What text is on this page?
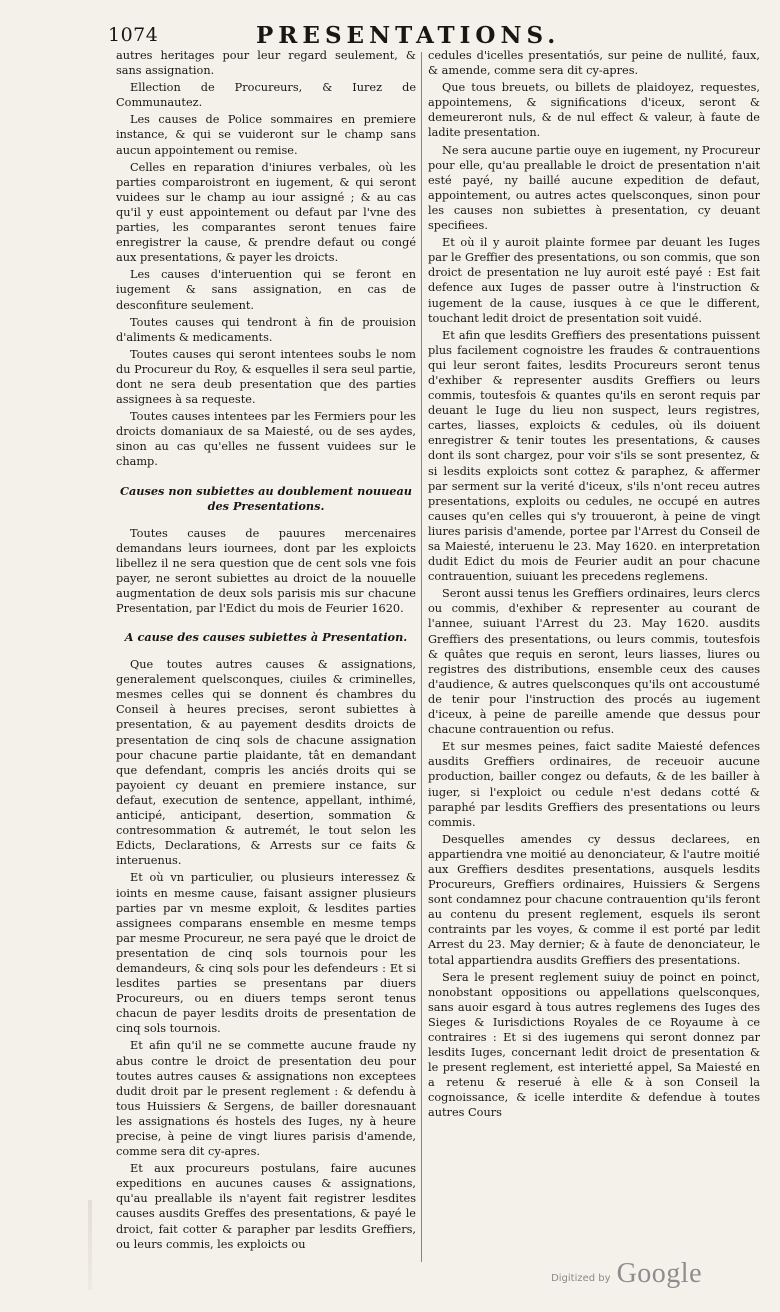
1074	PRESENTATIONS.

autres heritages pour leur regard seulement, & sans assignation.

Ellection de Procureurs, & Iurez de Communautez.

Les causes de Police sommaires en premiere instance, & qui se vuideront sur le champ sans aucun appointement ou remise.

Celles en reparation d'iniures verbales, où les parties comparoistront en iugement, & qui seront vuidees sur le champ au iour assigné ; & au cas qu'il y eust appointement ou defaut par l'vne des parties, les comparantes seront tenues faire enregistrer la cause, & prendre defaut ou congé aux presentations, & payer les droicts.

Les causes d'interuention qui se feront en iugement & sans assignation, en cas de desconfiture seulement.

Toutes causes qui tendront à fin de prouision d'aliments & medicaments.

Toutes causes qui seront intentees soubs le nom du Procureur du Roy, & esquelles il sera seul partie, dont ne sera deub presentation que des parties assignees à sa requeste.

Toutes causes intentees par les Fermiers pour les droicts domaniaux de sa Maiesté, ou de ses aydes, sinon au cas qu'elles ne fussent vuidees sur le champ.

Causes non subiettes au doublement nouueau
des Presentations.

Toutes causes de pauures mercenaires demandans leurs iournees, dont par les exploicts libellez il ne sera question que de cent sols vne fois payer, ne seront subiettes au droict de la nouuelle augmentation de deux sols parisis mis sur chacune Presentation, par l'Edict du mois de Feurier 1620.

A cause des causes subiettes à Presentation.

Que toutes autres causes & assignations, generalement quelsconques, ciuiles & criminelles, mesmes celles qui se donnent és chambres du Conseil à heures precises, seront subiettes à presentation, & au payement desdits droicts de presentation de cinq sols de chacune assignation pour chacune partie plaidante, tât en demandant que defendant, compris les anciés droits qui se payoient cy deuant en premiere instance, sur defaut, execution de sentence, appellant, inthimé, anticipé, anticipant, desertion, sommation & contresommation & autremét, le tout selon les Edicts, Declarations, & Arrests sur ce faits & interuenus.

Et où vn particulier, ou plusieurs interessez & ioints en mesme cause, faisant assigner plusieurs parties par vn mesme exploit, & lesdites parties assignees comparans ensemble en mesme temps par mesme Procureur, ne sera payé que le droict de presentation de cinq sols tournois pour les demandeurs, & cinq sols pour les defendeurs : Et si lesdites parties se presentans par diuers Procureurs, ou en diuers temps seront tenus chacun de payer lesdits droits de presentation de cinq sols tournois.

Et afin qu'il ne se commette aucune fraude ny abus contre le droict de presentation deu pour toutes autres causes & assignations non exceptees dudit droit par le present reglement : & defendu à tous Huissiers & Sergens, de bailler doresnauant les assignations és hostels des Iuges, ny à heure precise, à peine de vingt liures parisis d'amende, comme sera dit cy-apres.

Et aux procureurs postulans, faire aucunes expeditions en aucunes causes & assignations, qu'au preallable ils n'ayent fait registrer lesdites causes ausdits Greffes des presentations, & payé le droict, fait cotter & parapher par lesdits Greffiers, ou leurs commis, les exploicts ou

cedules d'icelles presentatiós, sur peine de nullité, faux, & amende, comme sera dit cy-apres.

Que tous breuets, ou billets de plaidoyez, requestes, appointemens, & significations d'iceux, seront & demeureront nuls, & de nul effect & valeur, à faute de ladite presentation.

Ne sera aucune partie ouye en iugement, ny Procureur pour elle, qu'au preallable le droict de presentation n'ait esté payé, ny baillé aucune expedition de defaut, appointement, ou autres actes quelsconques, sinon pour les causes non subiettes à presentation, cy deuant specifiees.

Et où il y auroit plainte formee par deuant les Iuges par le Greffier des presentations, ou son commis, que son droict de presentation ne luy auroit esté payé : Est fait defence aux Iuges de passer outre à l'instruction & iugement de la cause, iusques à ce que le different, touchant ledit droict de presentation soit vuidé.

Et afin que lesdits Greffiers des presentations puissent plus facilement cognoistre les fraudes & contrauentions qui leur seront faites, lesdits Procureurs seront tenus d'exhiber & representer ausdits Greffiers ou leurs commis, toutesfois & quantes qu'ils en seront requis par deuant le Iuge du lieu non suspect, leurs registres, cartes, liasses, exploicts & cedules, où ils doiuent enregistrer & tenir toutes les presentations, & causes dont ils sont chargez, pour voir s'ils se sont presentez, & si lesdits exploicts sont cottez & paraphez, & affermer par serment sur la verité d'iceux, s'ils n'ont receu autres presentations, exploits ou cedules, ne occupé en autres causes qu'en celles qui s'y trouueront, à peine de vingt liures parisis d'amende, portee par l'Arrest du Conseil de sa Maiesté, interuenu le 23. May 1620. en interpretation dudit Edict du mois de Feurier audit an pour chacune contrauention, suiuant les precedens reglemens.

Seront aussi tenus les Greffiers ordinaires, leurs clercs ou commis, d'exhiber & representer au courant de l'annee, suiuant l'Arrest du 23. May 1620. ausdits Greffiers des presentations, ou leurs commis, toutesfois & quâtes que requis en seront, leurs liasses, liures ou registres des distributions, ensemble ceux des causes d'audience, & autres quelsconques qu'ils ont accoustumé de tenir pour l'instruction des procés au iugement d'iceux, à peine de pareille amende que dessus pour chacune contrauention ou refus.

Et sur mesmes peines, faict sadite Maiesté defences ausdits Greffiers ordinaires, de receuoir aucune production, bailler congez ou defauts, & de les bailler à iuger, si l'exploict ou cedule n'est dedans cotté & paraphé par lesdits Greffiers des presentations ou leurs commis.

Desquelles amendes cy dessus declarees, en appartiendra vne moitié au denonciateur, & l'autre moitié aux Greffiers desdites presentations, ausquels lesdits Procureurs, Greffiers ordinaires, Huissiers & Sergens sont condamnez pour chacune contrauention qu'ils feront au contenu du present reglement, esquels ils seront contraints par les voyes, & comme il est porté par ledit Arrest du 23. May dernier; & à faute de denonciateur, le total appartiendra ausdits Greffiers des presentations.

Sera le present reglement suiuy de poinct en poinct, nonobstant oppositions ou appellations quelsconques, sans auoir esgard à tous autres reglemens des Iuges des Sieges & Iurisdictions Royales de ce Royaume à ce contraires : Et si des iugemens qui seront donnez par lesdits Iuges, concernant ledit droict de presentation & le present reglement, est interietté appel, Sa Maiesté en a retenu & reserué à elle & à son Conseil la cognoissance, & icelle interdite & defendue à toutes autres Cours

Digitized by Google
